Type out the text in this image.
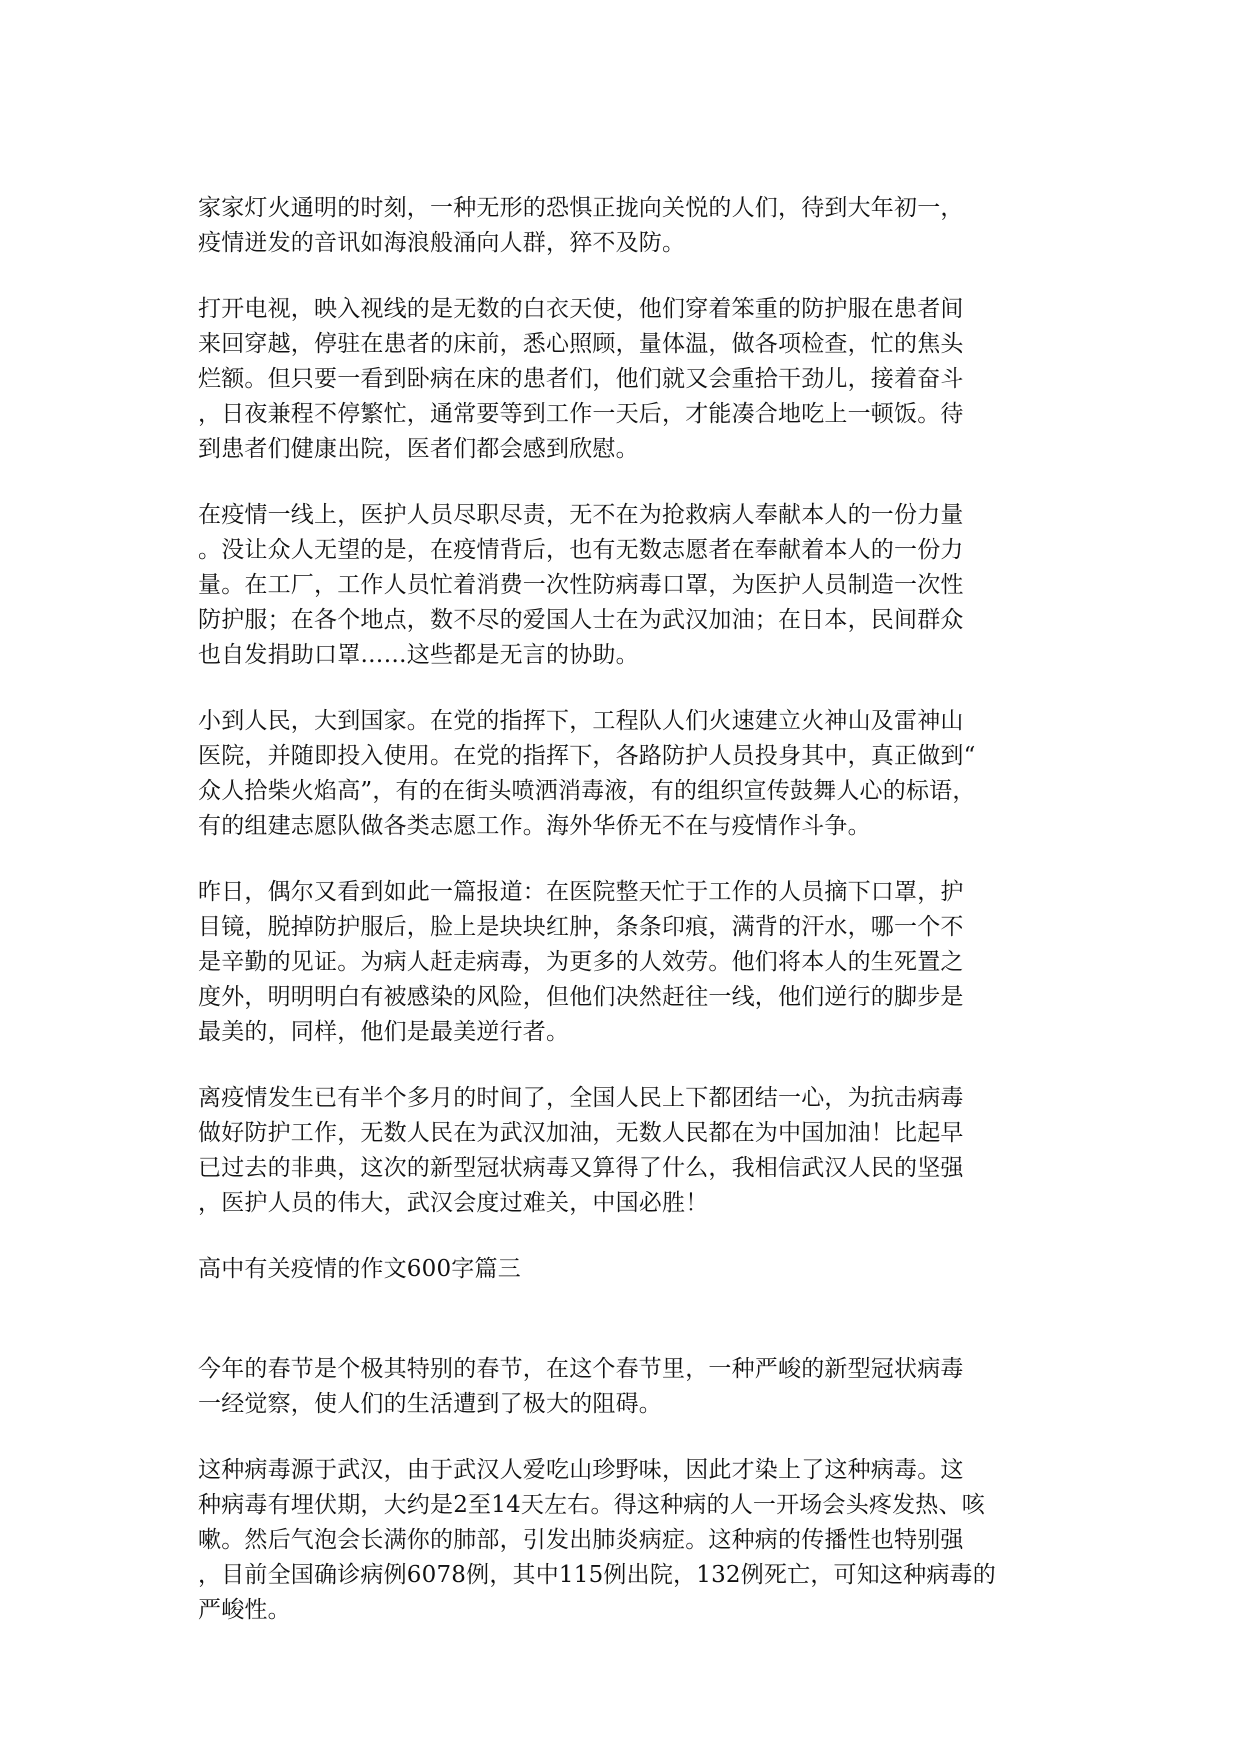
家家灯火通明的时刻，一种无形的恐惧正拢向关悦的人们，待到大年初一，
疫情迸发的音讯如海浪般涌向人群，猝不及防。
打开电视，映入视线的是无数的白衣天使，他们穿着笨重的防护服在患者间
来回穿越，停驻在患者的床前，悉心照顾，量体温，做各项检查，忙的焦头
烂额。但只要一看到卧病在床的患者们，他们就又会重拾干劲儿，接着奋斗
，日夜兼程不停繁忙，通常要等到工作一天后，才能凑合地吃上一顿饭。待
到患者们健康出院，医者们都会感到欣慰。
在疫情一线上，医护人员尽职尽责，无不在为抢救病人奉献本人的一份力量
。没让众人无望的是，在疫情背后，也有无数志愿者在奉献着本人的一份力
量。在工厂，工作人员忙着消费一次性防病毒口罩，为医护人员制造一次性
防护服；在各个地点，数不尽的爱国人士在为武汉加油；在日本，民间群众
也自发捐助口罩……这些都是无言的协助。
小到人民，大到国家。在党的指挥下，工程队人们火速建立火神山及雷神山
医院，并随即投入使用。在党的指挥下，各路防护人员投身其中，真正做到“
众人拾柴火焰高”，有的在街头喷洒消毒液，有的组织宣传鼓舞人心的标语，
有的组建志愿队做各类志愿工作。海外华侨无不在与疫情作斗争。
昨日，偶尔又看到如此一篇报道：在医院整天忙于工作的人员摘下口罩，护
目镜，脱掉防护服后，脸上是块块红肿，条条印痕，满背的汗水，哪一个不
是辛勤的见证。为病人赶走病毒，为更多的人效劳。他们将本人的生死置之
度外，明明明白有被感染的风险，但他们决然赶往一线，他们逆行的脚步是
最美的，同样，他们是最美逆行者。
离疫情发生已有半个多月的时间了，全国人民上下都团结一心，为抗击病毒
做好防护工作，无数人民在为武汉加油，无数人民都在为中国加油！比起早
已过去的非典，这次的新型冠状病毒又算得了什么，我相信武汉人民的坚强
，医护人员的伟大，武汉会度过难关，中国必胜！
高中有关疫情的作文600字篇三
今年的春节是个极其特别的春节，在这个春节里，一种严峻的新型冠状病毒
一经觉察，使人们的生活遭到了极大的阻碍。
这种病毒源于武汉，由于武汉人爱吃山珍野味，因此才染上了这种病毒。这
种病毒有埋伏期，大约是2至14天左右。得这种病的人一开场会头疼发热、咳
嗽。然后气泡会长满你的肺部，引发出肺炎病症。这种病的传播性也特别强
，目前全国确诊病例6078例，其中115例出院，132例死亡，可知这种病毒的
严峻性。
